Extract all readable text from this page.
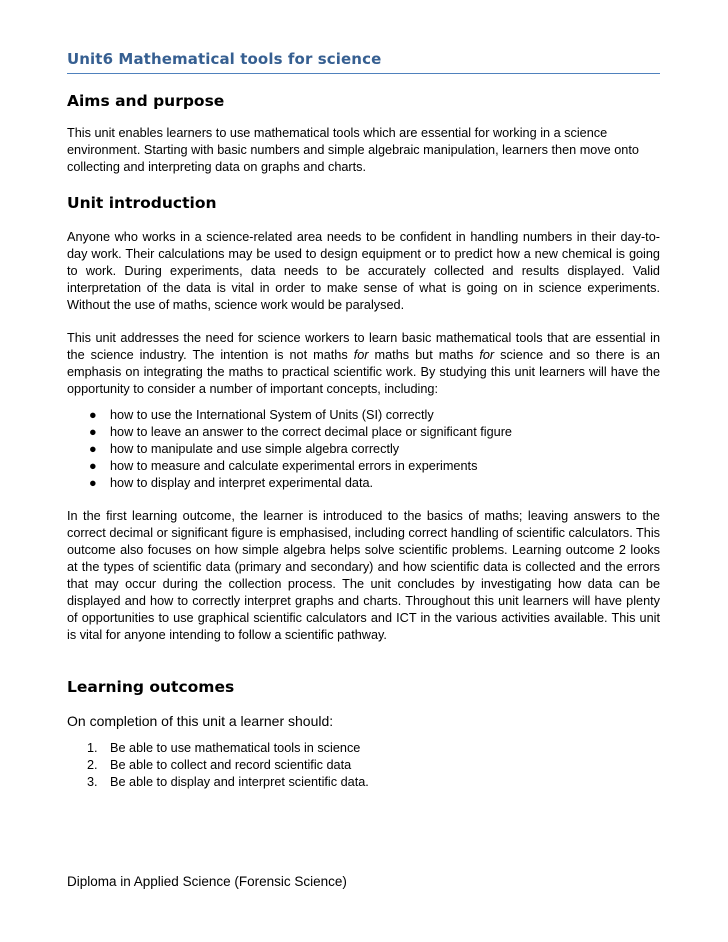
Unit6 Mathematical tools for science
Aims and purpose

This unit enables learners to use mathematical tools which are essential for working in a science environment. Starting with basic numbers and simple algebraic manipulation, learners then move onto collecting and interpreting data on graphs and charts.

Unit introduction

Anyone who works in a science-related area needs to be confident in handling numbers in their day-to-day work. Their calculations may be used to design equipment or to predict how a new chemical is going to work. During experiments, data needs to be accurately collected and results displayed. Valid interpretation of the data is vital in order to make sense of what is going on in science experiments. Without the use of maths, science work would be paralysed.

This unit addresses the need for science workers to learn basic mathematical tools that are essential in the science industry. The intention is not maths for maths but maths for science and so there is an emphasis on integrating the maths to practical scientific work. By studying this unit learners will have the opportunity to consider a number of important concepts, including:

● how to use the International System of Units (SI) correctly
● how to leave an answer to the correct decimal place or significant figure
● how to manipulate and use simple algebra correctly
● how to measure and calculate experimental errors in experiments
● how to display and interpret experimental data.

In the first learning outcome, the learner is introduced to the basics of maths; leaving answers to the correct decimal or significant figure is emphasised, including correct handling of scientific calculators. This outcome also focuses on how simple algebra helps solve scientific problems. Learning outcome 2 looks at the types of scientific data (primary and secondary) and how scientific data is collected and the errors that may occur during the collection process. The unit concludes by investigating how data can be displayed and how to correctly interpret graphs and charts. Throughout this unit learners will have plenty of opportunities to use graphical scientific calculators and ICT in the various activities available. This unit is vital for anyone intending to follow a scientific pathway.

Learning outcomes

On completion of this unit a learner should:

1. Be able to use mathematical tools in science
2. Be able to collect and record scientific data
3. Be able to display and interpret scientific data.
Diploma in Applied Science (Forensic Science)
